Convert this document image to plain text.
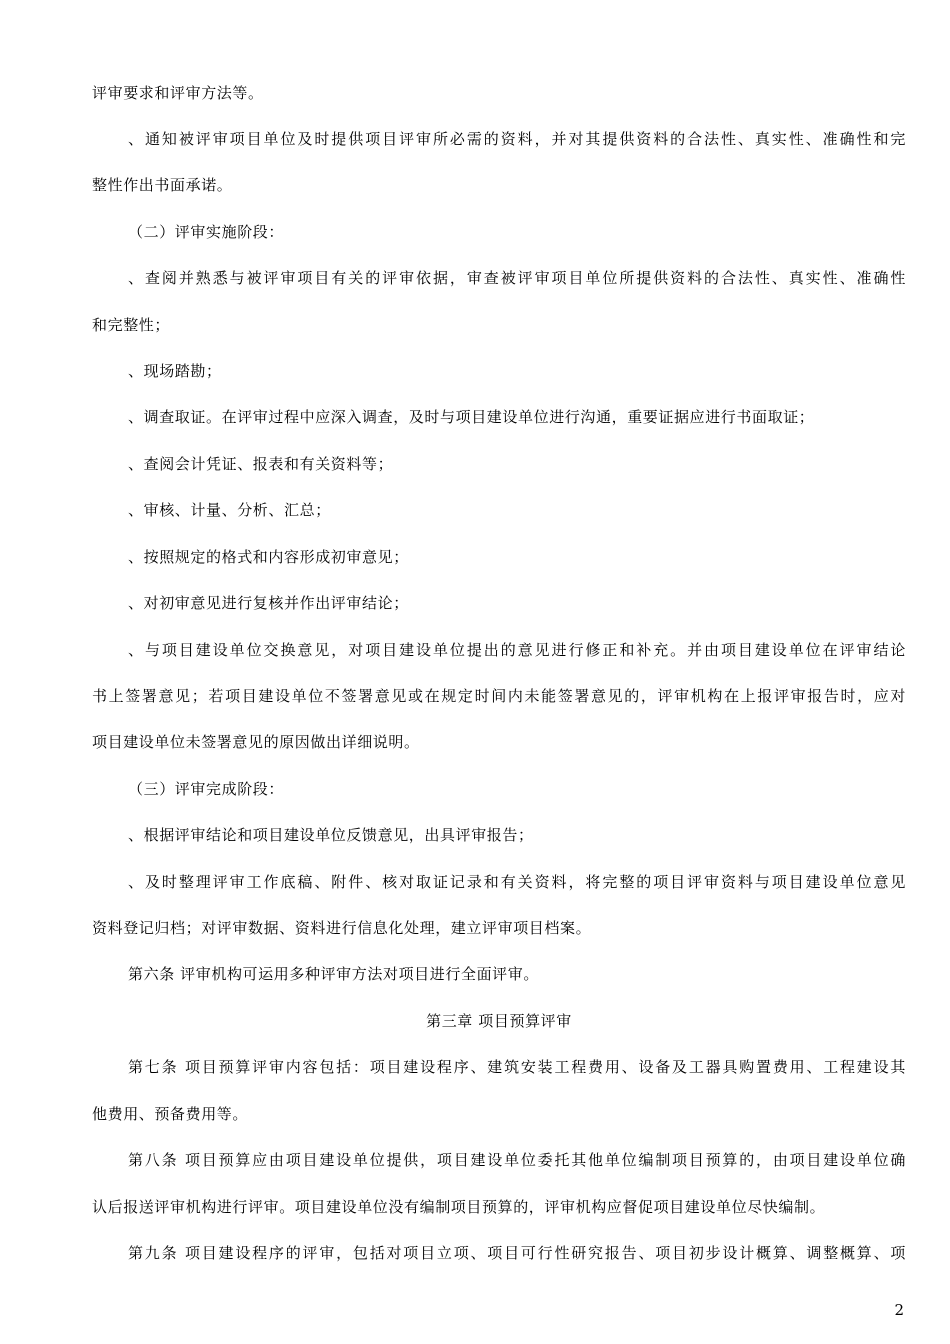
评审要求和评审方法等。
、通知被评审项目单位及时提供项目评审所必需的资料，并对其提供资料的合法性、真实性、准确性和完
整性作出书面承诺。
（二）评审实施阶段：
、查阅并熟悉与被评审项目有关的评审依据，审查被评审项目单位所提供资料的合法性、真实性、准确性
和完整性；
、现场踏勘；
、调查取证。在评审过程中应深入调查，及时与项目建设单位进行沟通，重要证据应进行书面取证；
、查阅会计凭证、报表和有关资料等；
、审核、计量、分析、汇总；
、按照规定的格式和内容形成初审意见；
、对初审意见进行复核并作出评审结论；
、与项目建设单位交换意见，对项目建设单位提出的意见进行修正和补充。并由项目建设单位在评审结论
书上签署意见；若项目建设单位不签署意见或在规定时间内未能签署意见的，评审机构在上报评审报告时，应对
项目建设单位未签署意见的原因做出详细说明。
（三）评审完成阶段：
、根据评审结论和项目建设单位反馈意见，出具评审报告；
、及时整理评审工作底稿、附件、核对取证记录和有关资料，将完整的项目评审资料与项目建设单位意见
资料登记归档；对评审数据、资料进行信息化处理，建立评审项目档案。
第六条 评审机构可运用多种评审方法对项目进行全面评审。
第三章 项目预算评审
第七条 项目预算评审内容包括：项目建设程序、建筑安装工程费用、设备及工器具购置费用、工程建设其
他费用、预备费用等。
第八条 项目预算应由项目建设单位提供，项目建设单位委托其他单位编制项目预算的，由项目建设单位确
认后报送评审机构进行评审。项目建设单位没有编制项目预算的，评审机构应督促项目建设单位尽快编制。
第九条 项目建设程序的评审，包括对项目立项、项目可行性研究报告、项目初步设计概算、调整概算、项
2
